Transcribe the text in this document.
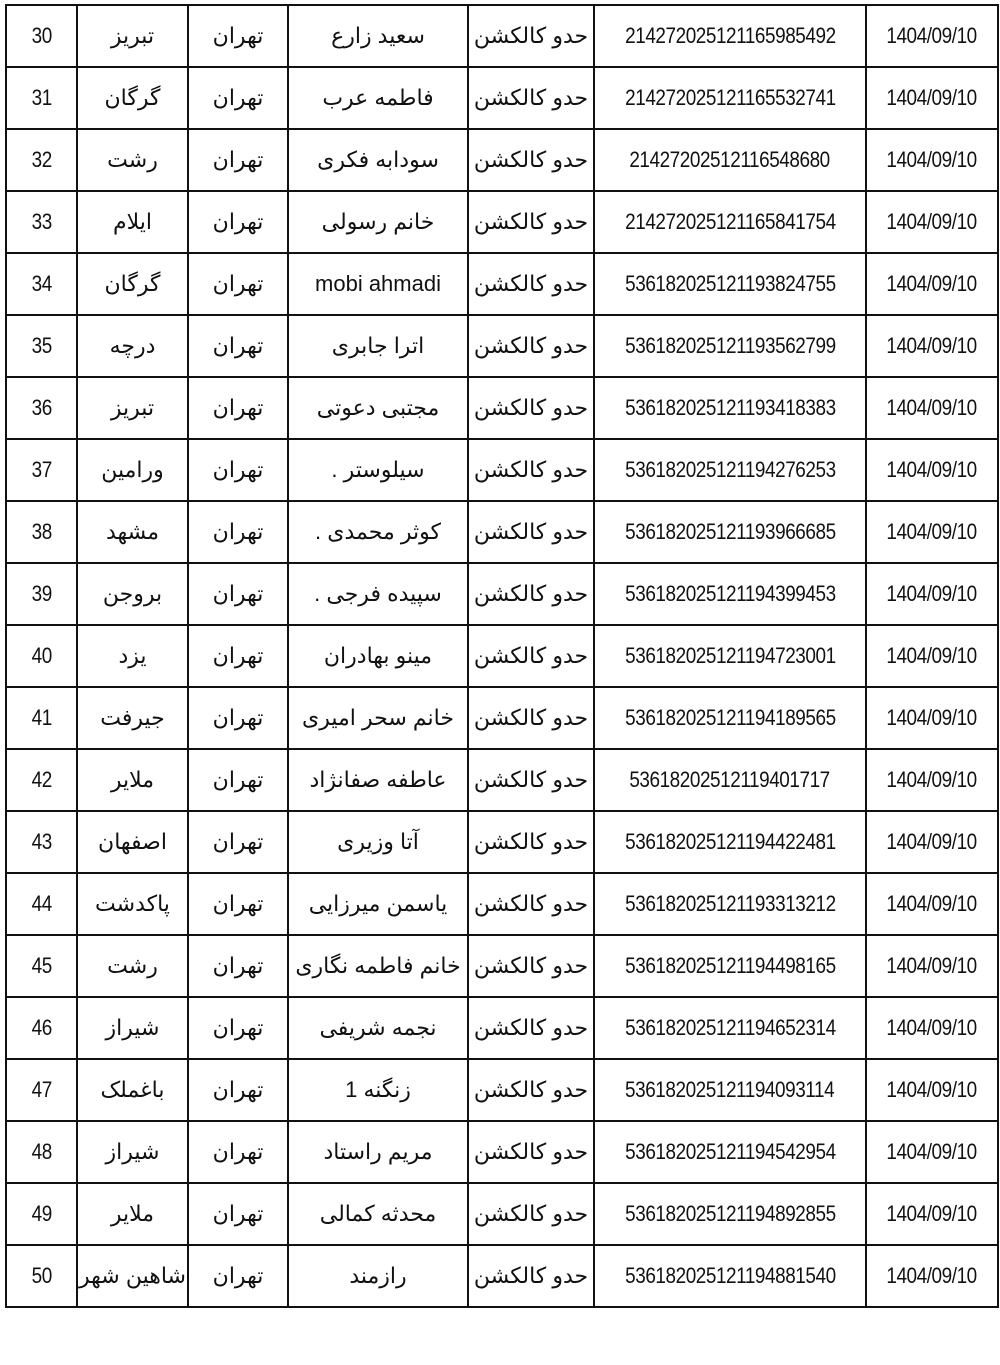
30	تبریز	تهران	سعید زارع	حدو کالکشن	214272025121165985492	1404/09/10
31	گرگان	تهران	فاطمه عرب	حدو کالکشن	214272025121165532741	1404/09/10
32	رشت	تهران	سودابه فکری	حدو کالکشن	21427202512116548680	1404/09/10
33	ایلام	تهران	خانم رسولی	حدو کالکشن	214272025121165841754	1404/09/10
34	گرگان	تهران	mobi ahmadi	حدو کالکشن	536182025121193824755	1404/09/10
35	درچه	تهران	اترا جابری	حدو کالکشن	536182025121193562799	1404/09/10
36	تبریز	تهران	مجتبی دعوتی	حدو کالکشن	536182025121193418383	1404/09/10
37	ورامین	تهران	سیلوستر .	حدو کالکشن	536182025121194276253	1404/09/10
38	مشهد	تهران	کوثر محمدی .	حدو کالکشن	536182025121193966685	1404/09/10
39	بروجن	تهران	سپیده فرجی .	حدو کالکشن	536182025121194399453	1404/09/10
40	یزد	تهران	مینو بهادران	حدو کالکشن	536182025121194723001	1404/09/10
41	جیرفت	تهران	خانم سحر امیری	حدو کالکشن	536182025121194189565	1404/09/10
42	ملایر	تهران	عاطفه صفانژاد	حدو کالکشن	53618202512119401717	1404/09/10
43	اصفهان	تهران	آتا وزیری	حدو کالکشن	536182025121194422481	1404/09/10
44	پاکدشت	تهران	یاسمن میرزایی	حدو کالکشن	536182025121193313212	1404/09/10
45	رشت	تهران	خانم فاطمه نگاری	حدو کالکشن	536182025121194498165	1404/09/10
46	شیراز	تهران	نجمه شریفی	حدو کالکشن	536182025121194652314	1404/09/10
47	باغملک	تهران	زنگنه 1	حدو کالکشن	536182025121194093114	1404/09/10
48	شیراز	تهران	مریم راستاد	حدو کالکشن	536182025121194542954	1404/09/10
49	ملایر	تهران	محدثه کمالی	حدو کالکشن	536182025121194892855	1404/09/10
50	شاهین شهر	تهران	رازمند	حدو کالکشن	536182025121194881540	1404/09/10
